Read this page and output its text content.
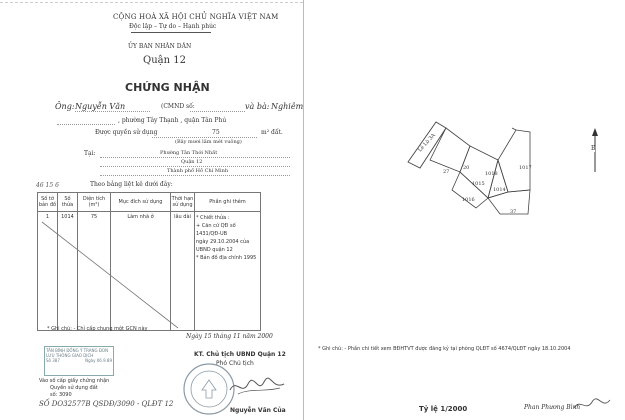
CỘNG HOÀ XÃ HỘI CHỦ NGHĨA VIỆT NAM
Độc lập – Tự do – Hạnh phúc
ỦY BAN NHÂN DÂN
Quận 12
CHỨNG NHẬN
Ông: Nguyễn Văn	(CMND số:	và bà: Nghiêm
, phường Tây Thạnh , quận Tân Phú
Được quyền sử dụng	75	m² đất.
(Bảy mươi lăm mét vuông)
Tại:	Phường Tân Thới Nhất
Quận 12
Thành phố Hồ Chí Minh
Theo bảng liệt kê dưới đây:
46 15 6
Số tờ bản đồ	Số thửa	Diện tích (m²)	Mục đích sử dụng	Thời hạn sử dụng	Phần ghi thêm
1	1014	75	Làm nhà ở	lâu dài	* Chiết thửa :
+ Căn cứ QĐ số 1431/QĐ-UB
ngày 29.10.2004 của UBND quận 12
* Bản đồ địa chính 1995
* Ghi chú: - Chỉ cấp chung một GCN này
TÂN BÌNH ĐỒNG Ý TRANG ĐON
LƯU THÔNG GIAO DỊCH
Số 387	Ngày 06.9.89
Vào số cấp giấy chứng nhận
Quyền sử dụng đất
số: 3090
SỐ DO32577B QSDĐ/3090 - QLĐT 12
Ngày 15 tháng 11 năm 2000
KT. Chủ tịch UBND Quận 12
Phó Chủ tịch
Nguyễn Văn Của
Lê Lô 3A
20
1018
1015
1014
27
1016
37
1017
B
* Ghi chú: - Phần chi tiết xem BĐHTVT được đăng ký tại phòng QLĐT số 4674/QLĐT ngày 18.10.2004
Tỷ lệ 1/2000	Phan Phương Bình
